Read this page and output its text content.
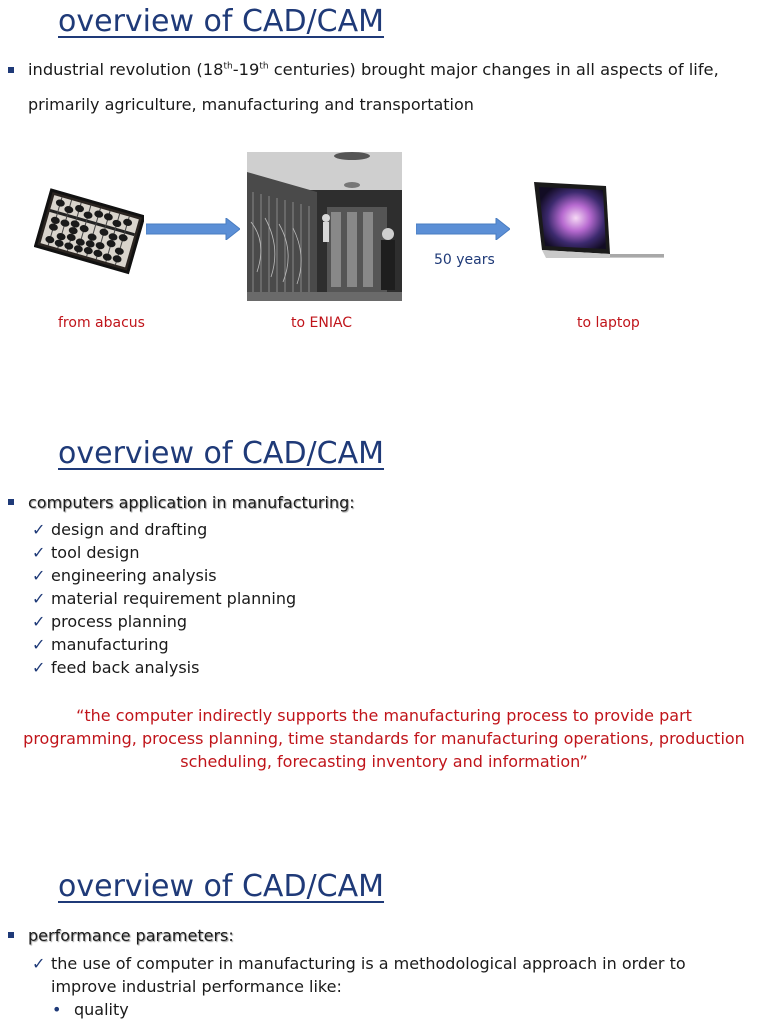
overview of CAD/CAM
industrial revolution (18th-19th centuries) brought major changes in all aspects of life,
primarily agriculture, manufacturing and transportation
50 years
from abacus	to ENIAC	to laptop
overview of CAD/CAM
computers application in manufacturing:
✓ design and drafting
✓ tool design
✓ engineering analysis
✓ material requirement planning
✓ process planning
✓ manufacturing
✓ feed back analysis
“the computer indirectly supports the manufacturing process to provide part
programming, process planning, time standards for manufacturing operations, production
scheduling, forecasting inventory and information”
overview of CAD/CAM
performance parameters:
✓ the use of computer in manufacturing is a methodological approach in order to
improve industrial performance like:
• quality
